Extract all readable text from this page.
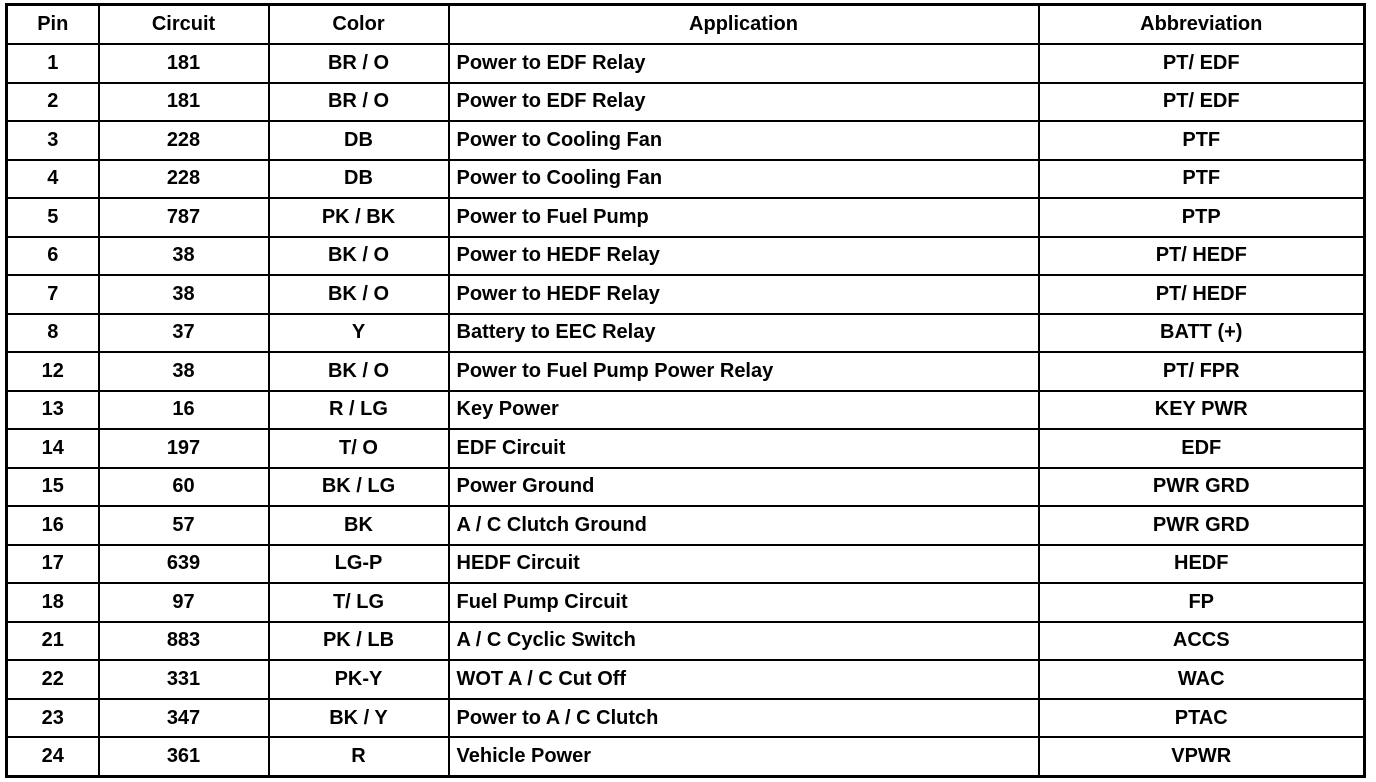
Pin	Circuit	Color	Application	Abbreviation
1	181	BR / O	Power to EDF Relay	PT/ EDF
2	181	BR / O	Power to EDF Relay	PT/ EDF
3	228	DB	Power to Cooling Fan	PTF
4	228	DB	Power to Cooling Fan	PTF
5	787	PK / BK	Power to Fuel Pump	PTP
6	38	BK / O	Power to HEDF Relay	PT/ HEDF
7	38	BK / O	Power to HEDF Relay	PT/ HEDF
8	37	Y	Battery to EEC Relay	BATT (+)
12	38	BK / O	Power to Fuel Pump Power Relay	PT/ FPR
13	16	R / LG	Key Power	KEY PWR
14	197	T/ O	EDF Circuit	EDF
15	60	BK / LG	Power Ground	PWR GRD
16	57	BK	A / C Clutch Ground	PWR GRD
17	639	LG-P	HEDF Circuit	HEDF
18	97	T/ LG	Fuel Pump Circuit	FP
21	883	PK / LB	A / C Cyclic Switch	ACCS
22	331	PK-Y	WOT A / C Cut Off	WAC
23	347	BK / Y	Power to A / C Clutch	PTAC
24	361	R	Vehicle Power	VPWR
